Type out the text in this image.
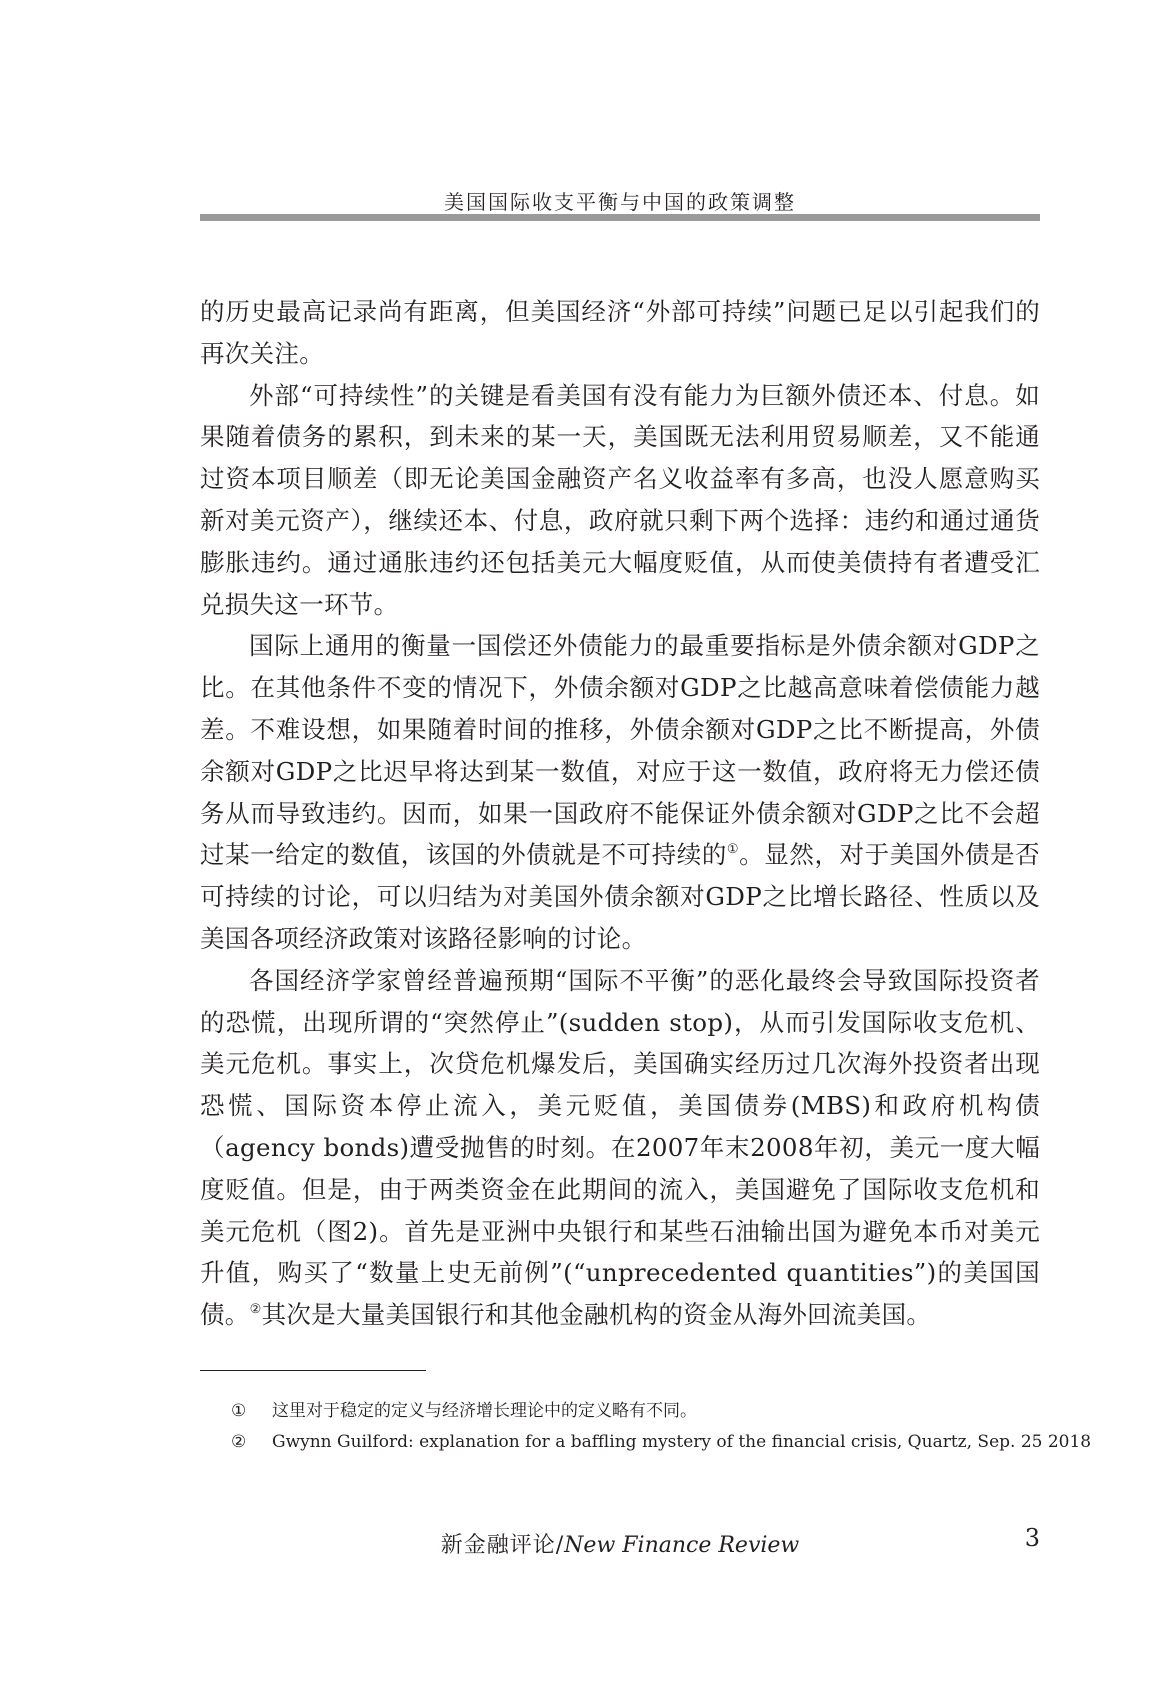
美国国际收支平衡与中国的政策调整

的历史最高记录尚有距离，但美国经济“外部可持续”问题已足以引起我们的再次关注。

外部“可持续性”的关键是看美国有没有能力为巨额外债还本、付息。如果随着债务的累积，到未来的某一天，美国既无法利用贸易顺差，又不能通过资本项目顺差（即无论美国金融资产名义收益率有多高，也没人愿意购买新对美元资产），继续还本、付息，政府就只剩下两个选择：违约和通过通货膨胀违约。通过通胀违约还包括美元大幅度贬值，从而使美债持有者遭受汇兑损失这一环节。

国际上通用的衡量一国偿还外债能力的最重要指标是外债余额对GDP之比。在其他条件不变的情况下，外债余额对GDP之比越高意味着偿债能力越差。不难设想，如果随着时间的推移，外债余额对GDP之比不断提高，外债余额对GDP之比迟早将达到某一数值，对应于这一数值，政府将无力偿还债务从而导致违约。因而，如果一国政府不能保证外债余额对GDP之比不会超过某一给定的数值，该国的外债就是不可持续的①。显然，对于美国外债是否可持续的讨论，可以归结为对美国外债余额对GDP之比增长路径、性质以及美国各项经济政策对该路径影响的讨论。

各国经济学家曾经普遍预期“国际不平衡”的恶化最终会导致国际投资者的恐慌，出现所谓的“突然停止”(sudden stop)，从而引发国际收支危机、美元危机。事实上，次贷危机爆发后，美国确实经历过几次海外投资者出现恐慌、国际资本停止流入，美元贬值，美国债券(MBS)和政府机构债（agency bonds)遭受抛售的时刻。在2007年末2008年初，美元一度大幅度贬值。但是，由于两类资金在此期间的流入，美国避免了国际收支危机和美元危机（图2)。首先是亚洲中央银行和某些石油输出国为避免本币对美元升值，购买了“数量上史无前例”(“unprecedented quantities”)的美国国债。②其次是大量美国银行和其他金融机构的资金从海外回流美国。

①	这里对于稳定的定义与经济增长理论中的定义略有不同。
②	Gwynn Guilford: explanation for a baffling mystery of the financial crisis, Quartz, Sep. 25 2018
新金融评论/New Finance Review	3
